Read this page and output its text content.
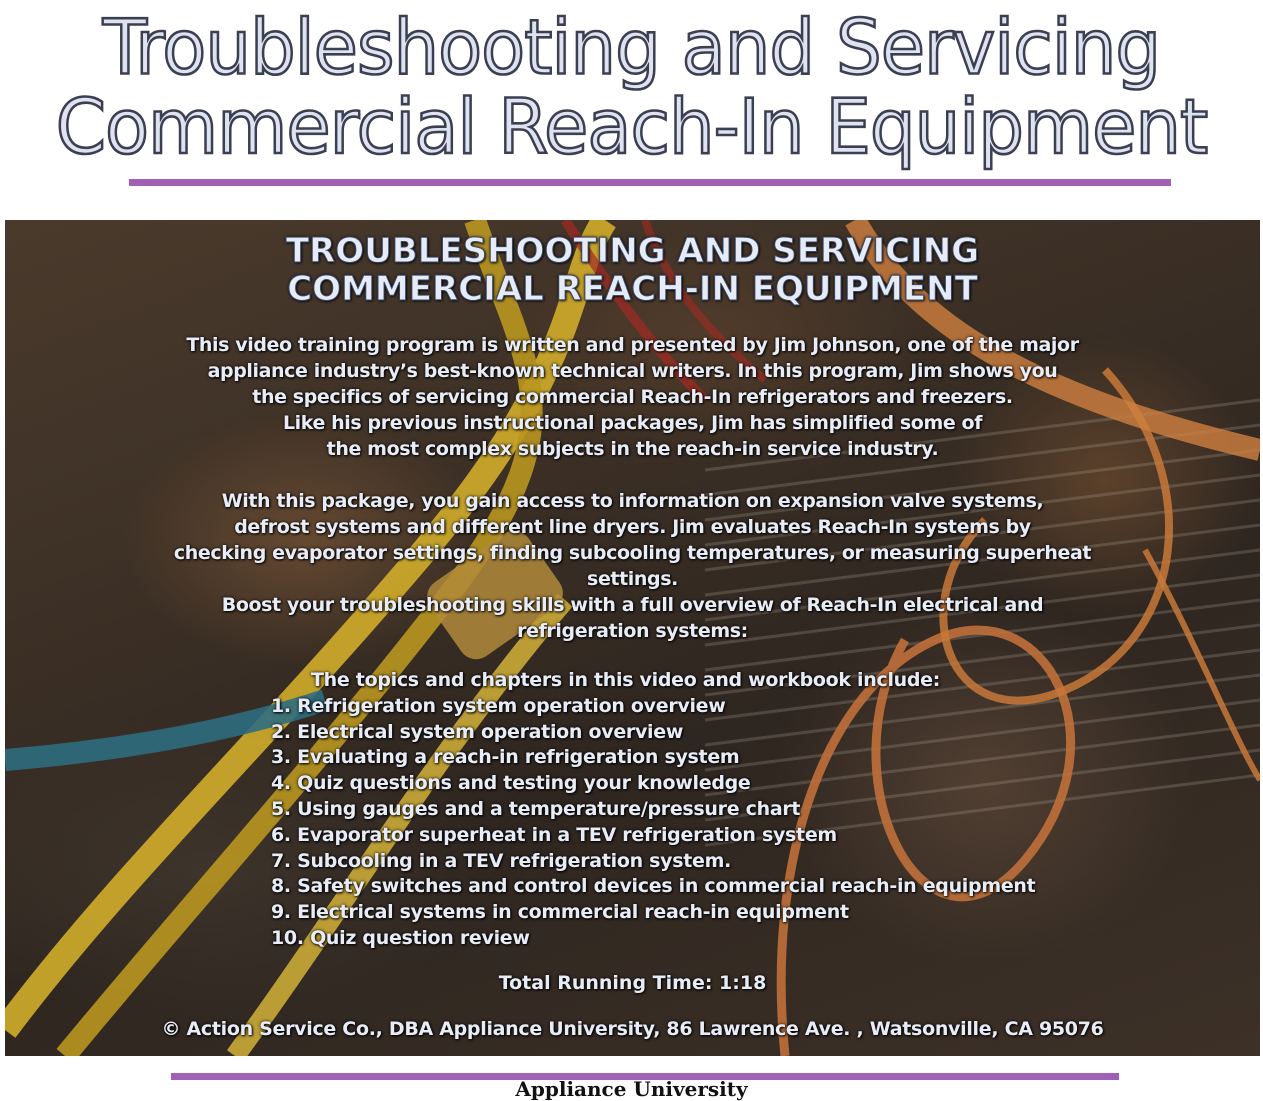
Troubleshooting and Servicing
Commercial Reach-In Equipment
TROUBLESHOOTING AND SERVICING
COMMERCIAL REACH-IN EQUIPMENT
This video training program is written and presented by Jim Johnson, one of the major
appliance industry’s best-known technical writers. In this program, Jim shows you
the specifics of servicing commercial Reach-In refrigerators and freezers.
Like his previous instructional packages, Jim has simplified some of
the most complex subjects in the reach-in service industry.
With this package, you gain access to information on expansion valve systems,
defrost systems and different line dryers. Jim evaluates Reach-In systems by
checking evaporator settings, finding subcooling temperatures, or measuring superheat
settings.
Boost your troubleshooting skills with a full overview of Reach-In electrical and
refrigeration systems:
The topics and chapters in this video and workbook include:
1. Refrigeration system operation overview
2. Electrical system operation overview
3. Evaluating a reach-in refrigeration system
4. Quiz questions and testing your knowledge
5. Using gauges and a temperature/pressure chart
6. Evaporator superheat in a TEV refrigeration system
7. Subcooling in a TEV refrigeration system.
8. Safety switches and control devices in commercial reach-in equipment
9. Electrical systems in commercial reach-in equipment
10. Quiz question review
Total Running Time: 1:18
© Action Service Co., DBA Appliance University, 86 Lawrence Ave. , Watsonville, CA 95076
Appliance University
